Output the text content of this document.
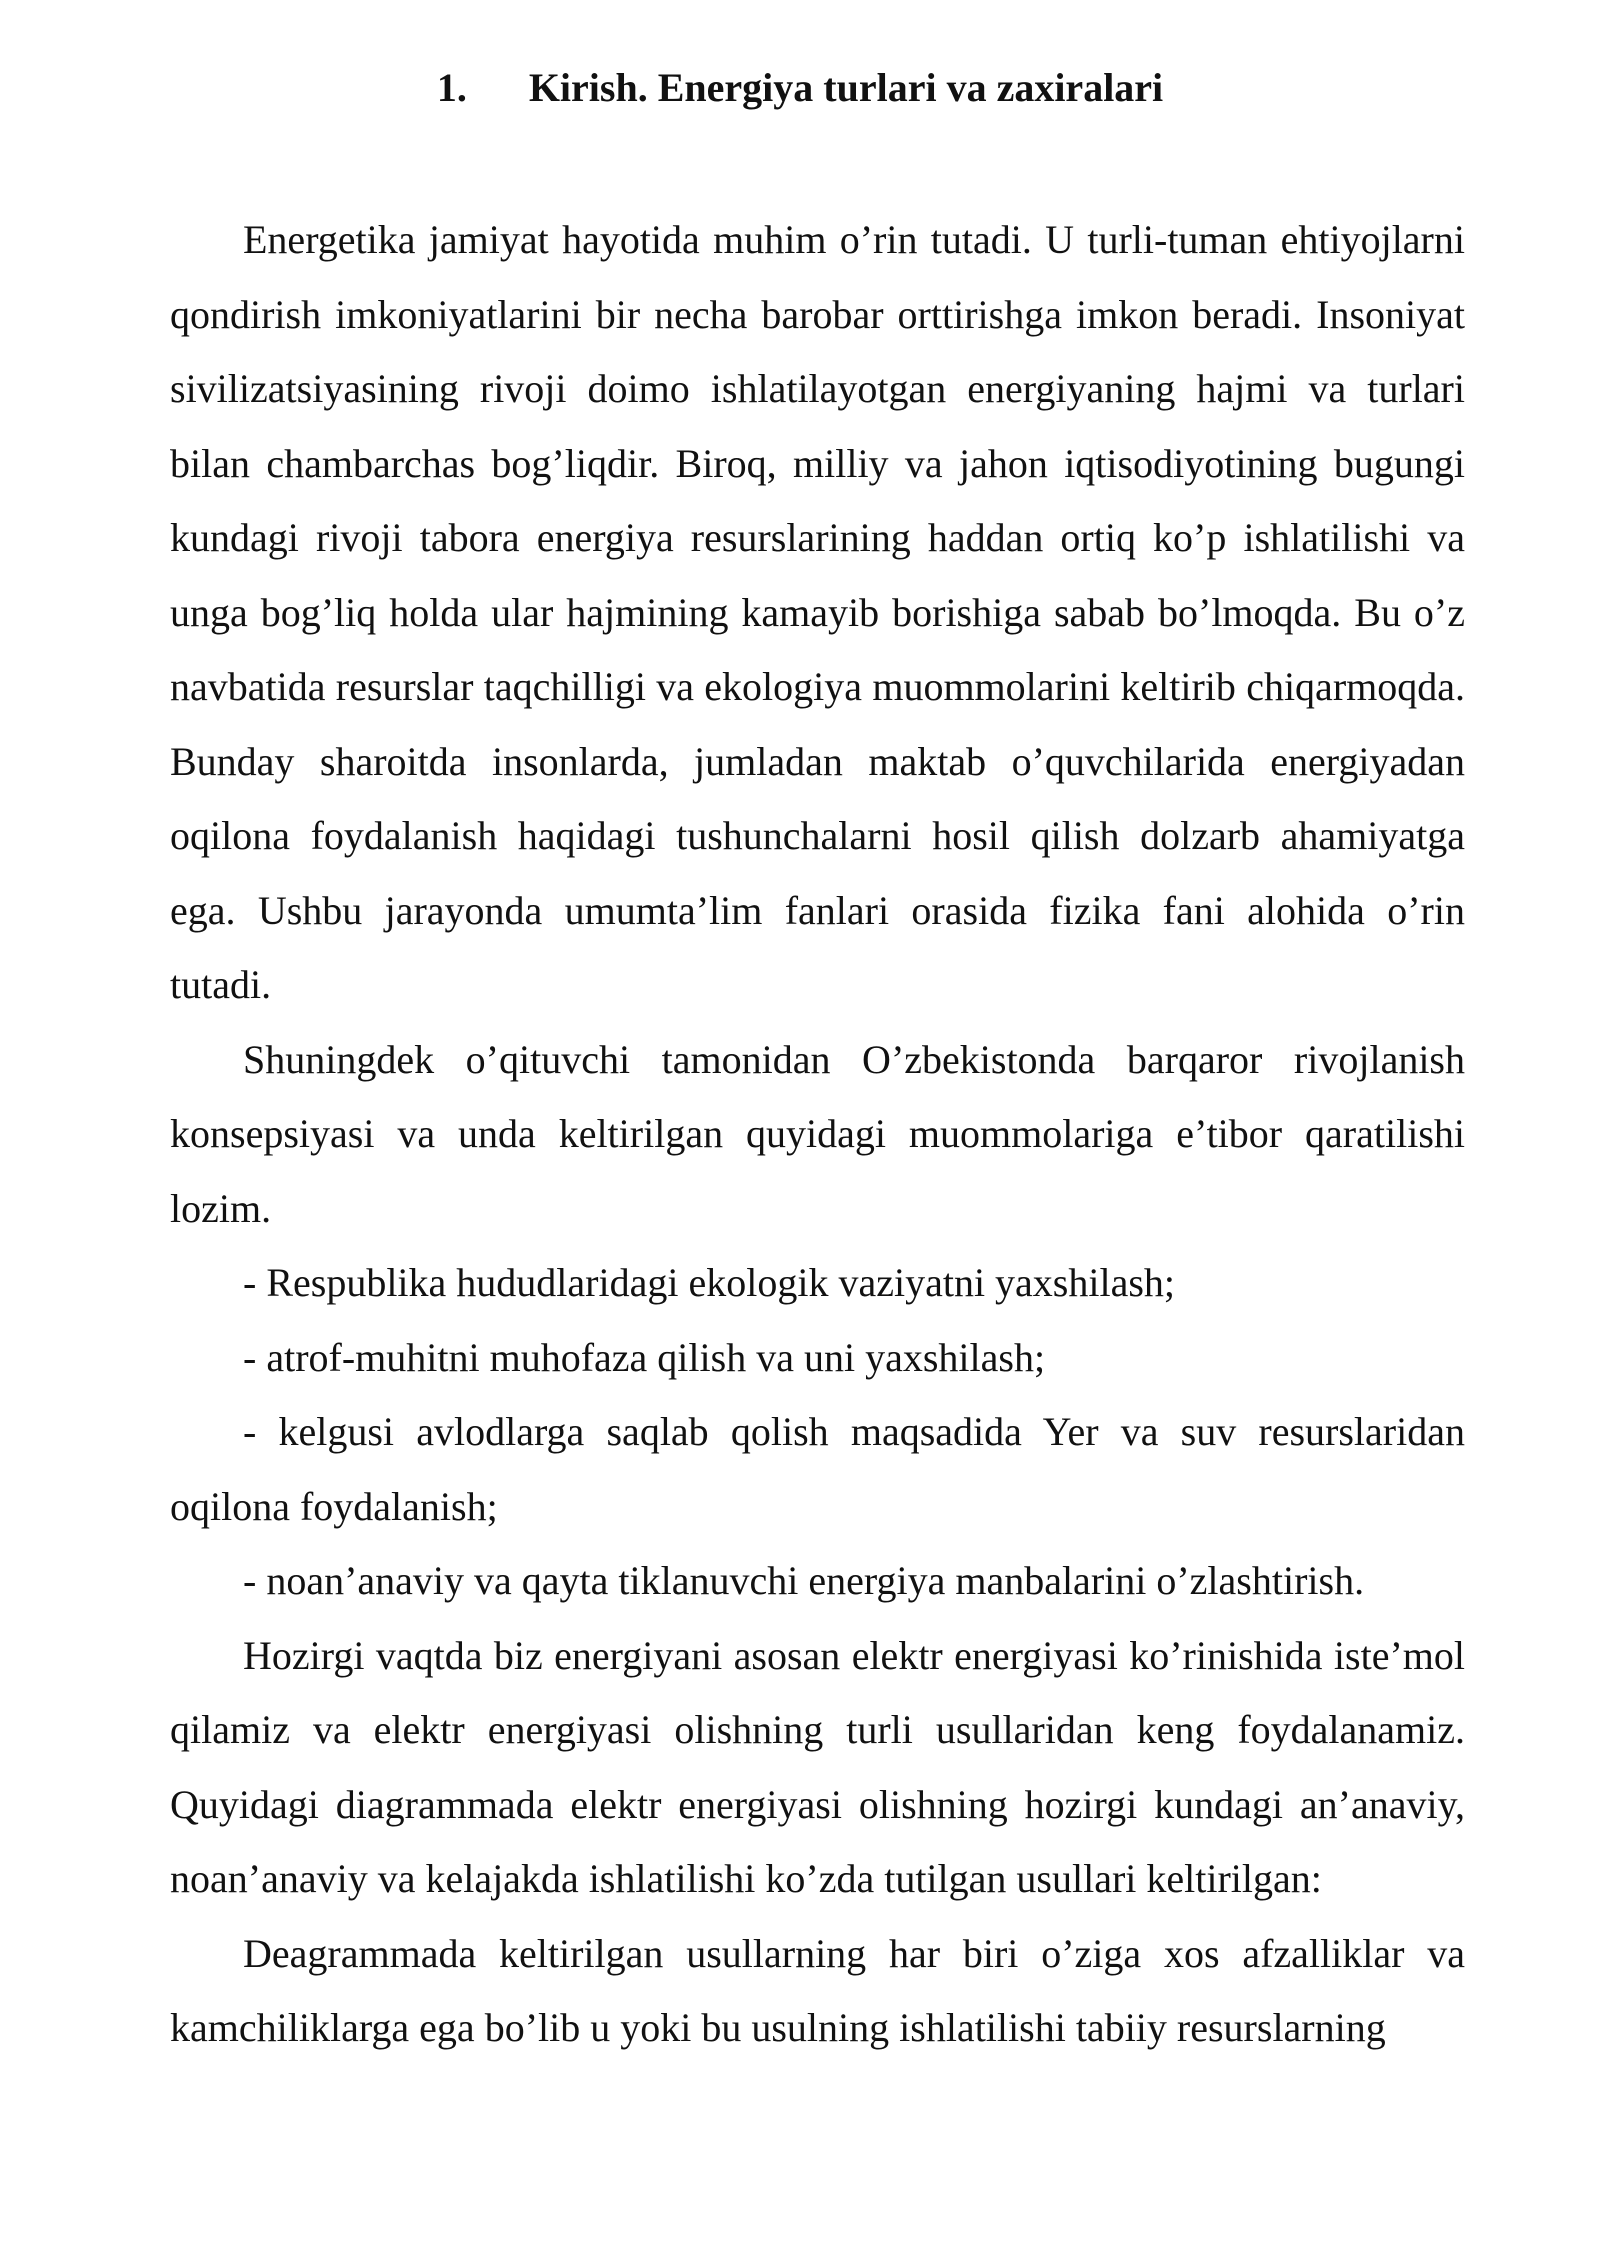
1. Kirish. Energiya turlari va zaxiralari

Energetika jamiyat hayotida muhim o’rin tutadi. U turli-tuman ehtiyojlarni qondirish imkoniyatlarini bir necha barobar orttirishga imkon beradi. Insoniyat sivilizatsiyasining rivoji doimo ishlatilayotgan energiyaning hajmi va turlari bilan chambarchas bog’liqdir. Biroq, milliy va jahon iqtisodiyotining bugungi kundagi rivoji tabora energiya resurslarining haddan ortiq ko’p ishlatilishi va unga bog’liq holda ular hajmining kamayib borishiga sabab bo’lmoqda. Bu o’z navbatida resurslar taqchilligi va ekologiya muommolarini keltirib chiqarmoqda. Bunday sharoitda insonlarda, jumladan maktab o’quvchilarida energiyadan oqilona foydalanish haqidagi tushunchalarni hosil qilish dolzarb ahamiyatga ega. Ushbu jarayonda umumta’lim fanlari orasida fizika fani alohida o’rin tutadi.

Shuningdek o’qituvchi tamonidan O’zbekistonda barqaror rivojlanish konsepsiyasi va unda keltirilgan quyidagi muommolariga e’tibor qaratilishi lozim.

- Respublika hududlaridagi ekologik vaziyatni yaxshilash;

- atrof-muhitni muhofaza qilish va uni yaxshilash;

- kelgusi avlodlarga saqlab qolish maqsadida Yer va suv resurslaridan oqilona foydalanish;

- noan’anaviy va qayta tiklanuvchi energiya manbalarini o’zlashtirish.

Hozirgi vaqtda biz energiyani asosan elektr energiyasi ko’rinishida iste’mol qilamiz va elektr energiyasi olishning turli usullaridan keng foydalanamiz. Quyidagi diagrammada elektr energiyasi olishning hozirgi kundagi an’anaviy, noan’anaviy va kelajakda ishlatilishi ko’zda tutilgan usullari keltirilgan:

Deagrammada keltirilgan usullarning har biri o’ziga xos afzalliklar va kamchiliklarga ega bo’lib u yoki bu usulning ishlatilishi tabiiy resurslarning
